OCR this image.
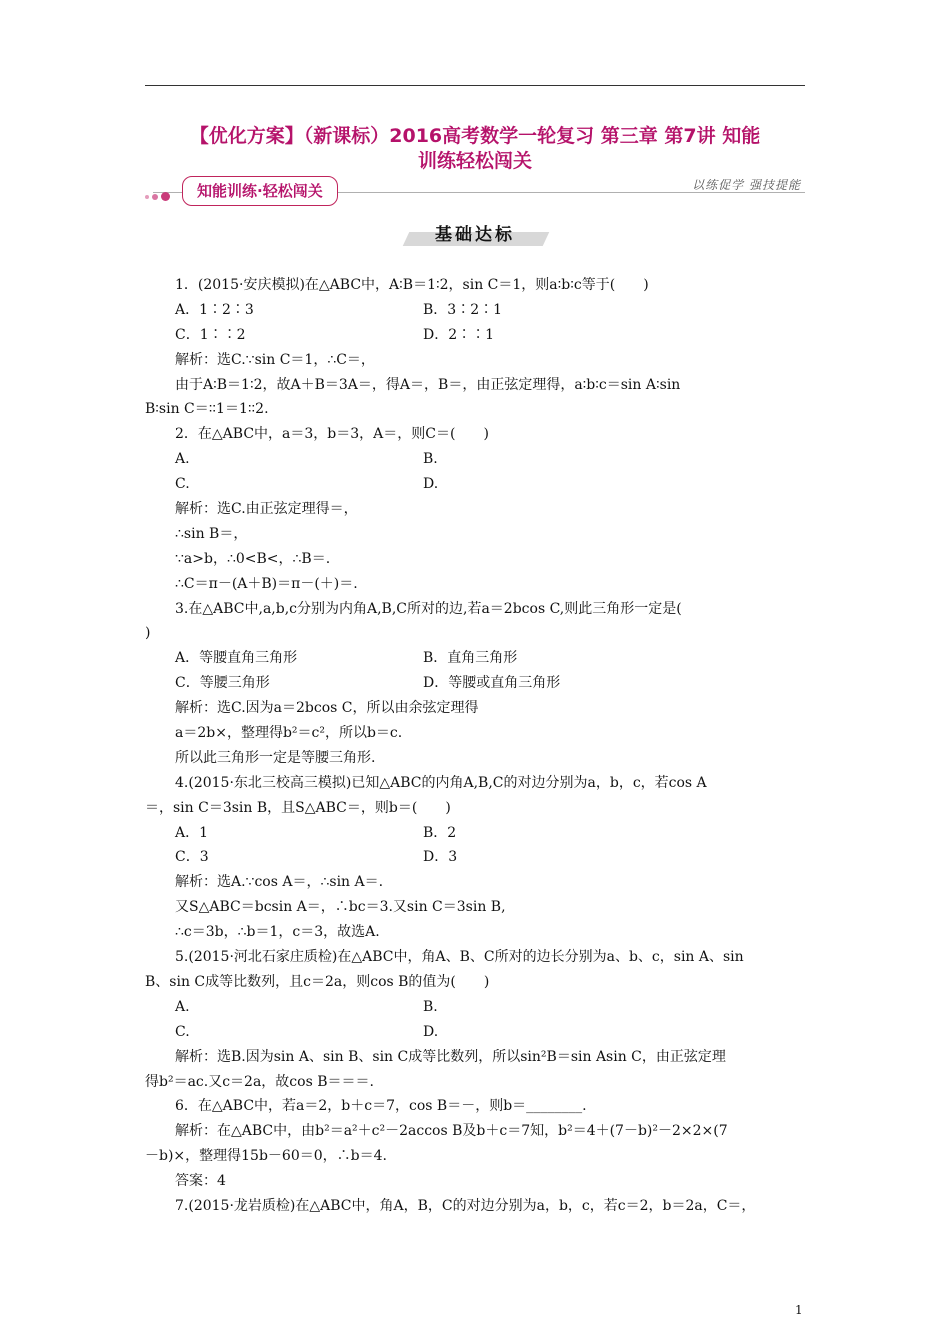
【优化方案】（新课标）2016高考数学一轮复习 第三章 第7讲 知能
训练轻松闯关
知能训练·轻松闯关	以练促学 强技提能
基础达标
1．(2015·安庆模拟)在△ABC中，A∶B＝1∶2，sin C＝1，则a∶b∶c等于(　　)
A．1∶2∶3	B．3∶2∶1
C．1∶∶2	D．2∶∶1
解析：选C.∵sin C＝1，∴C＝，
由于A∶B＝1∶2，故A＋B＝3A＝，得A＝，B＝，由正弦定理得，a∶b∶c＝sin A∶sin
B∶sin C＝∶∶1＝1∶∶2.
2．在△ABC中，a＝3，b＝3，A＝，则C＝(　　)
A.	B.
C.	D.
解析：选C.由正弦定理得＝，
∴sin B＝，
∵a>b，∴0<B<，∴B＝.
∴C＝π－(A＋B)＝π－(＋)＝.
3.在△ABC中,a,b,c分别为内角A,B,C所对的边,若a＝2bcos C,则此三角形一定是(
)
A．等腰直角三角形	B．直角三角形
C．等腰三角形	D．等腰或直角三角形
解析：选C.因为a＝2bcos C，所以由余弦定理得
a＝2b×，整理得b²＝c²，所以b＝c.
所以此三角形一定是等腰三角形.
4.(2015·东北三校高三模拟)已知△ABC的内角A,B,C的对边分别为a，b，c，若cos A
＝，sin C＝3sin B，且S△ABC＝，则b＝(　　)
A．1	B．2
C．3	D．3
解析：选A.∵cos A＝，∴sin A＝.
又S△ABC＝bcsin A＝，∴bc＝3.又sin C＝3sin B,
∴c＝3b，∴b＝1，c＝3，故选A.
5.(2015·河北石家庄质检)在△ABC中，角A、B、C所对的边长分别为a、b、c，sin A、sin
B、sin C成等比数列，且c＝2a，则cos B的值为(　　)
A.	B.
C.	D.
解析：选B.因为sin A、sin B、sin C成等比数列，所以sin²B＝sin Asin C，由正弦定理
得b²＝ac.又c＝2a，故cos B＝＝＝.
6．在△ABC中，若a＝2，b＋c＝7，cos B＝－，则b＝________.
解析：在△ABC中，由b²＝a²＋c²－2accos B及b＋c＝7知，b²＝4＋(7－b)²－2×2×(7
－b)×，整理得15b－60＝0，∴b＝4.
答案：4
7.(2015·龙岩质检)在△ABC中，角A，B，C的对边分别为a，b，c，若c＝2，b＝2a，C＝，
1
